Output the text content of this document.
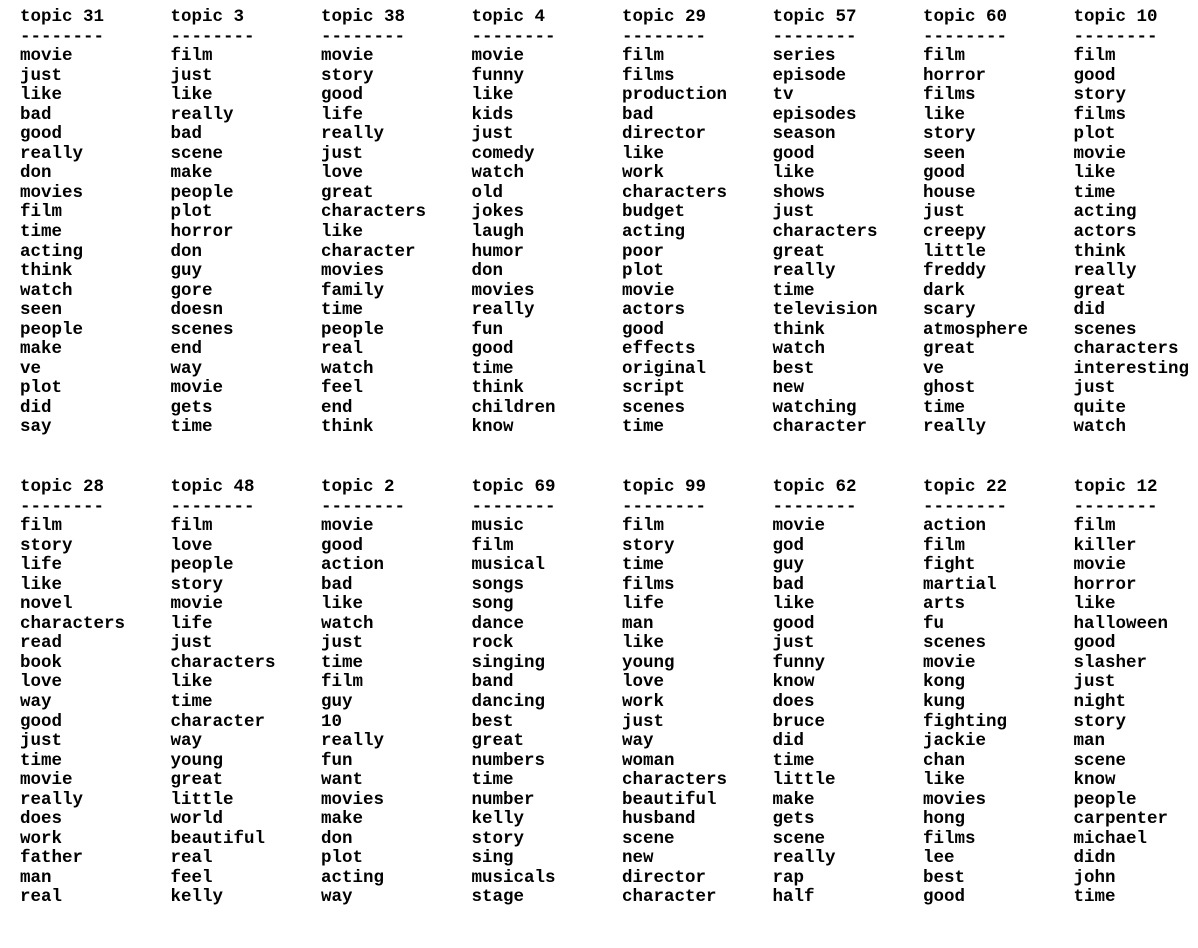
topic 31
--------
movie
just
like
bad
good
really
don
movies
film
time
acting
think
watch
seen
people
make
ve
plot
did
say
topic 3
--------
film
just
like
really
bad
scene
make
people
plot
horror
don
guy
gore
doesn
scenes
end
way
movie
gets
time
topic 38
--------
movie
story
good
life
really
just
love
great
characters
like
character
movies
family
time
people
real
watch
feel
end
think
topic 4
--------
movie
funny
like
kids
just
comedy
watch
old
jokes
laugh
humor
don
movies
really
fun
good
time
think
children
know
topic 29
--------
film
films
production
bad
director
like
work
characters
budget
acting
poor
plot
movie
actors
good
effects
original
script
scenes
time
topic 57
--------
series
episode
tv
episodes
season
good
like
shows
just
characters
great
really
time
television
think
watch
best
new
watching
character
topic 60
--------
film
horror
films
like
story
seen
good
house
just
creepy
little
freddy
dark
scary
atmosphere
great
ve
ghost
time
really
topic 10
--------
film
good
story
films
plot
movie
like
time
acting
actors
think
really
great
did
scenes
characters
interesting
just
quite
watch
topic 28
--------
film
story
life
like
novel
characters
read
book
love
way
good
just
time
movie
really
does
work
father
man
real
topic 48
--------
film
love
people
story
movie
life
just
characters
like
time
character
way
young
great
little
world
beautiful
real
feel
kelly
topic 2
--------
movie
good
action
bad
like
watch
just
time
film
guy
10
really
fun
want
movies
make
don
plot
acting
way
topic 69
--------
music
film
musical
songs
song
dance
rock
singing
band
dancing
best
great
numbers
time
number
kelly
story
sing
musicals
stage
topic 99
--------
film
story
time
films
life
man
like
young
love
work
just
way
woman
characters
beautiful
husband
scene
new
director
character
topic 62
--------
movie
god
guy
bad
like
good
just
funny
know
does
bruce
did
time
little
make
gets
scene
really
rap
half
topic 22
--------
action
film
fight
martial
arts
fu
scenes
movie
kong
kung
fighting
jackie
chan
like
movies
hong
films
lee
best
good
topic 12
--------
film
killer
movie
horror
like
halloween
good
slasher
just
night
story
man
scene
know
people
carpenter
michael
didn
john
time
